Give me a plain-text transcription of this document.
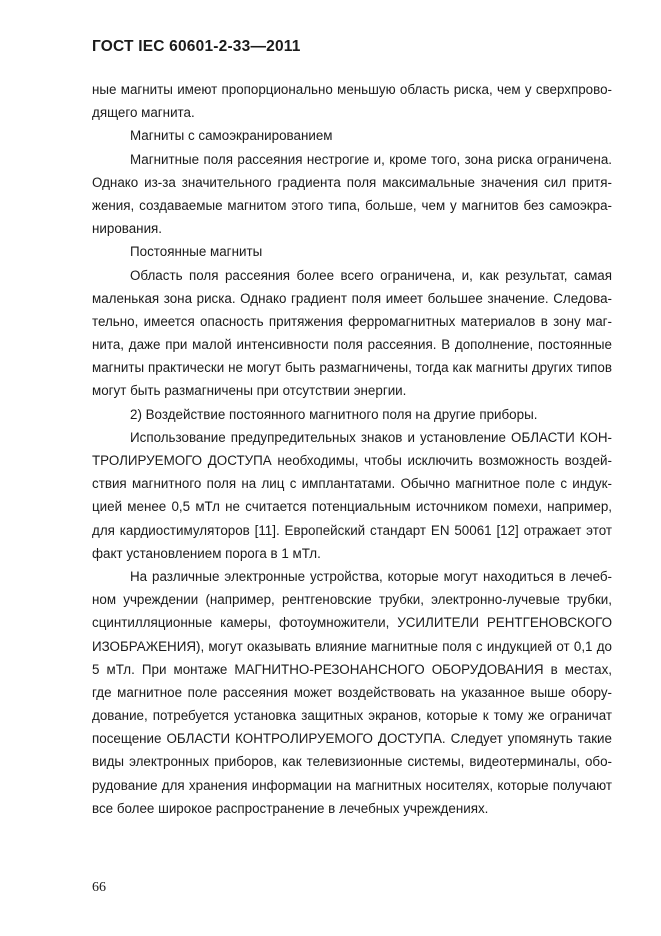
ГОСТ IEC 60601-2-33—2011
ные магниты имеют пропорционально меньшую область риска, чем у сверхпрово-
дящего магнита.
Магниты с самоэкранированием
Магнитные поля рассеяния нестрогие и, кроме того, зона риска ограничена.
Однако из-за значительного градиента поля максимальные значения сил притя-
жения, создаваемые магнитом этого типа, больше, чем у магнитов без самоэкра-
нирования.
Постоянные магниты
Область поля рассеяния более всего ограничена, и, как результат, самая
маленькая зона риска. Однако градиент поля имеет большее значение. Следова-
тельно, имеется опасность притяжения ферромагнитных материалов в зону маг-
нита, даже при малой интенсивности поля рассеяния. В дополнение, постоянные
магниты практически не могут быть размагничены, тогда как магниты других типов
могут быть размагничены при отсутствии энергии.
2) Воздействие постоянного магнитного поля на другие приборы.
Использование предупредительных знаков и установление ОБЛАСТИ КОН-
ТРОЛИРУЕМОГО ДОСТУПА необходимы, чтобы исключить возможность воздей-
ствия магнитного поля на лиц с имплантатами. Обычно магнитное поле с индук-
цией менее 0,5 мТл не считается потенциальным источником помехи, например,
для кардиостимуляторов [11]. Европейский стандарт EN 50061 [12] отражает этот
факт установлением порога в 1 мТл.
На различные электронные устройства, которые могут находиться в лечеб-
ном учреждении (например, рентгеновские трубки, электронно-лучевые трубки,
сцинтилляционные камеры, фотоумножители, УСИЛИТЕЛИ РЕНТГЕНОВСКОГО
ИЗОБРАЖЕНИЯ), могут оказывать влияние магнитные поля с индукцией от 0,1 до
5 мТл. При монтаже МАГНИТНО-РЕЗОНАНСНОГО ОБОРУДОВАНИЯ в местах,
где магнитное поле рассеяния может воздействовать на указанное выше обору-
дование, потребуется установка защитных экранов, которые к тому же ограничат
посещение ОБЛАСТИ КОНТРОЛИРУЕМОГО ДОСТУПА. Следует упомянуть такие
виды электронных приборов, как телевизионные системы, видеотерминалы, обо-
рудование для хранения информации на магнитных носителях, которые получают
все более широкое распространение в лечебных учреждениях.
66
